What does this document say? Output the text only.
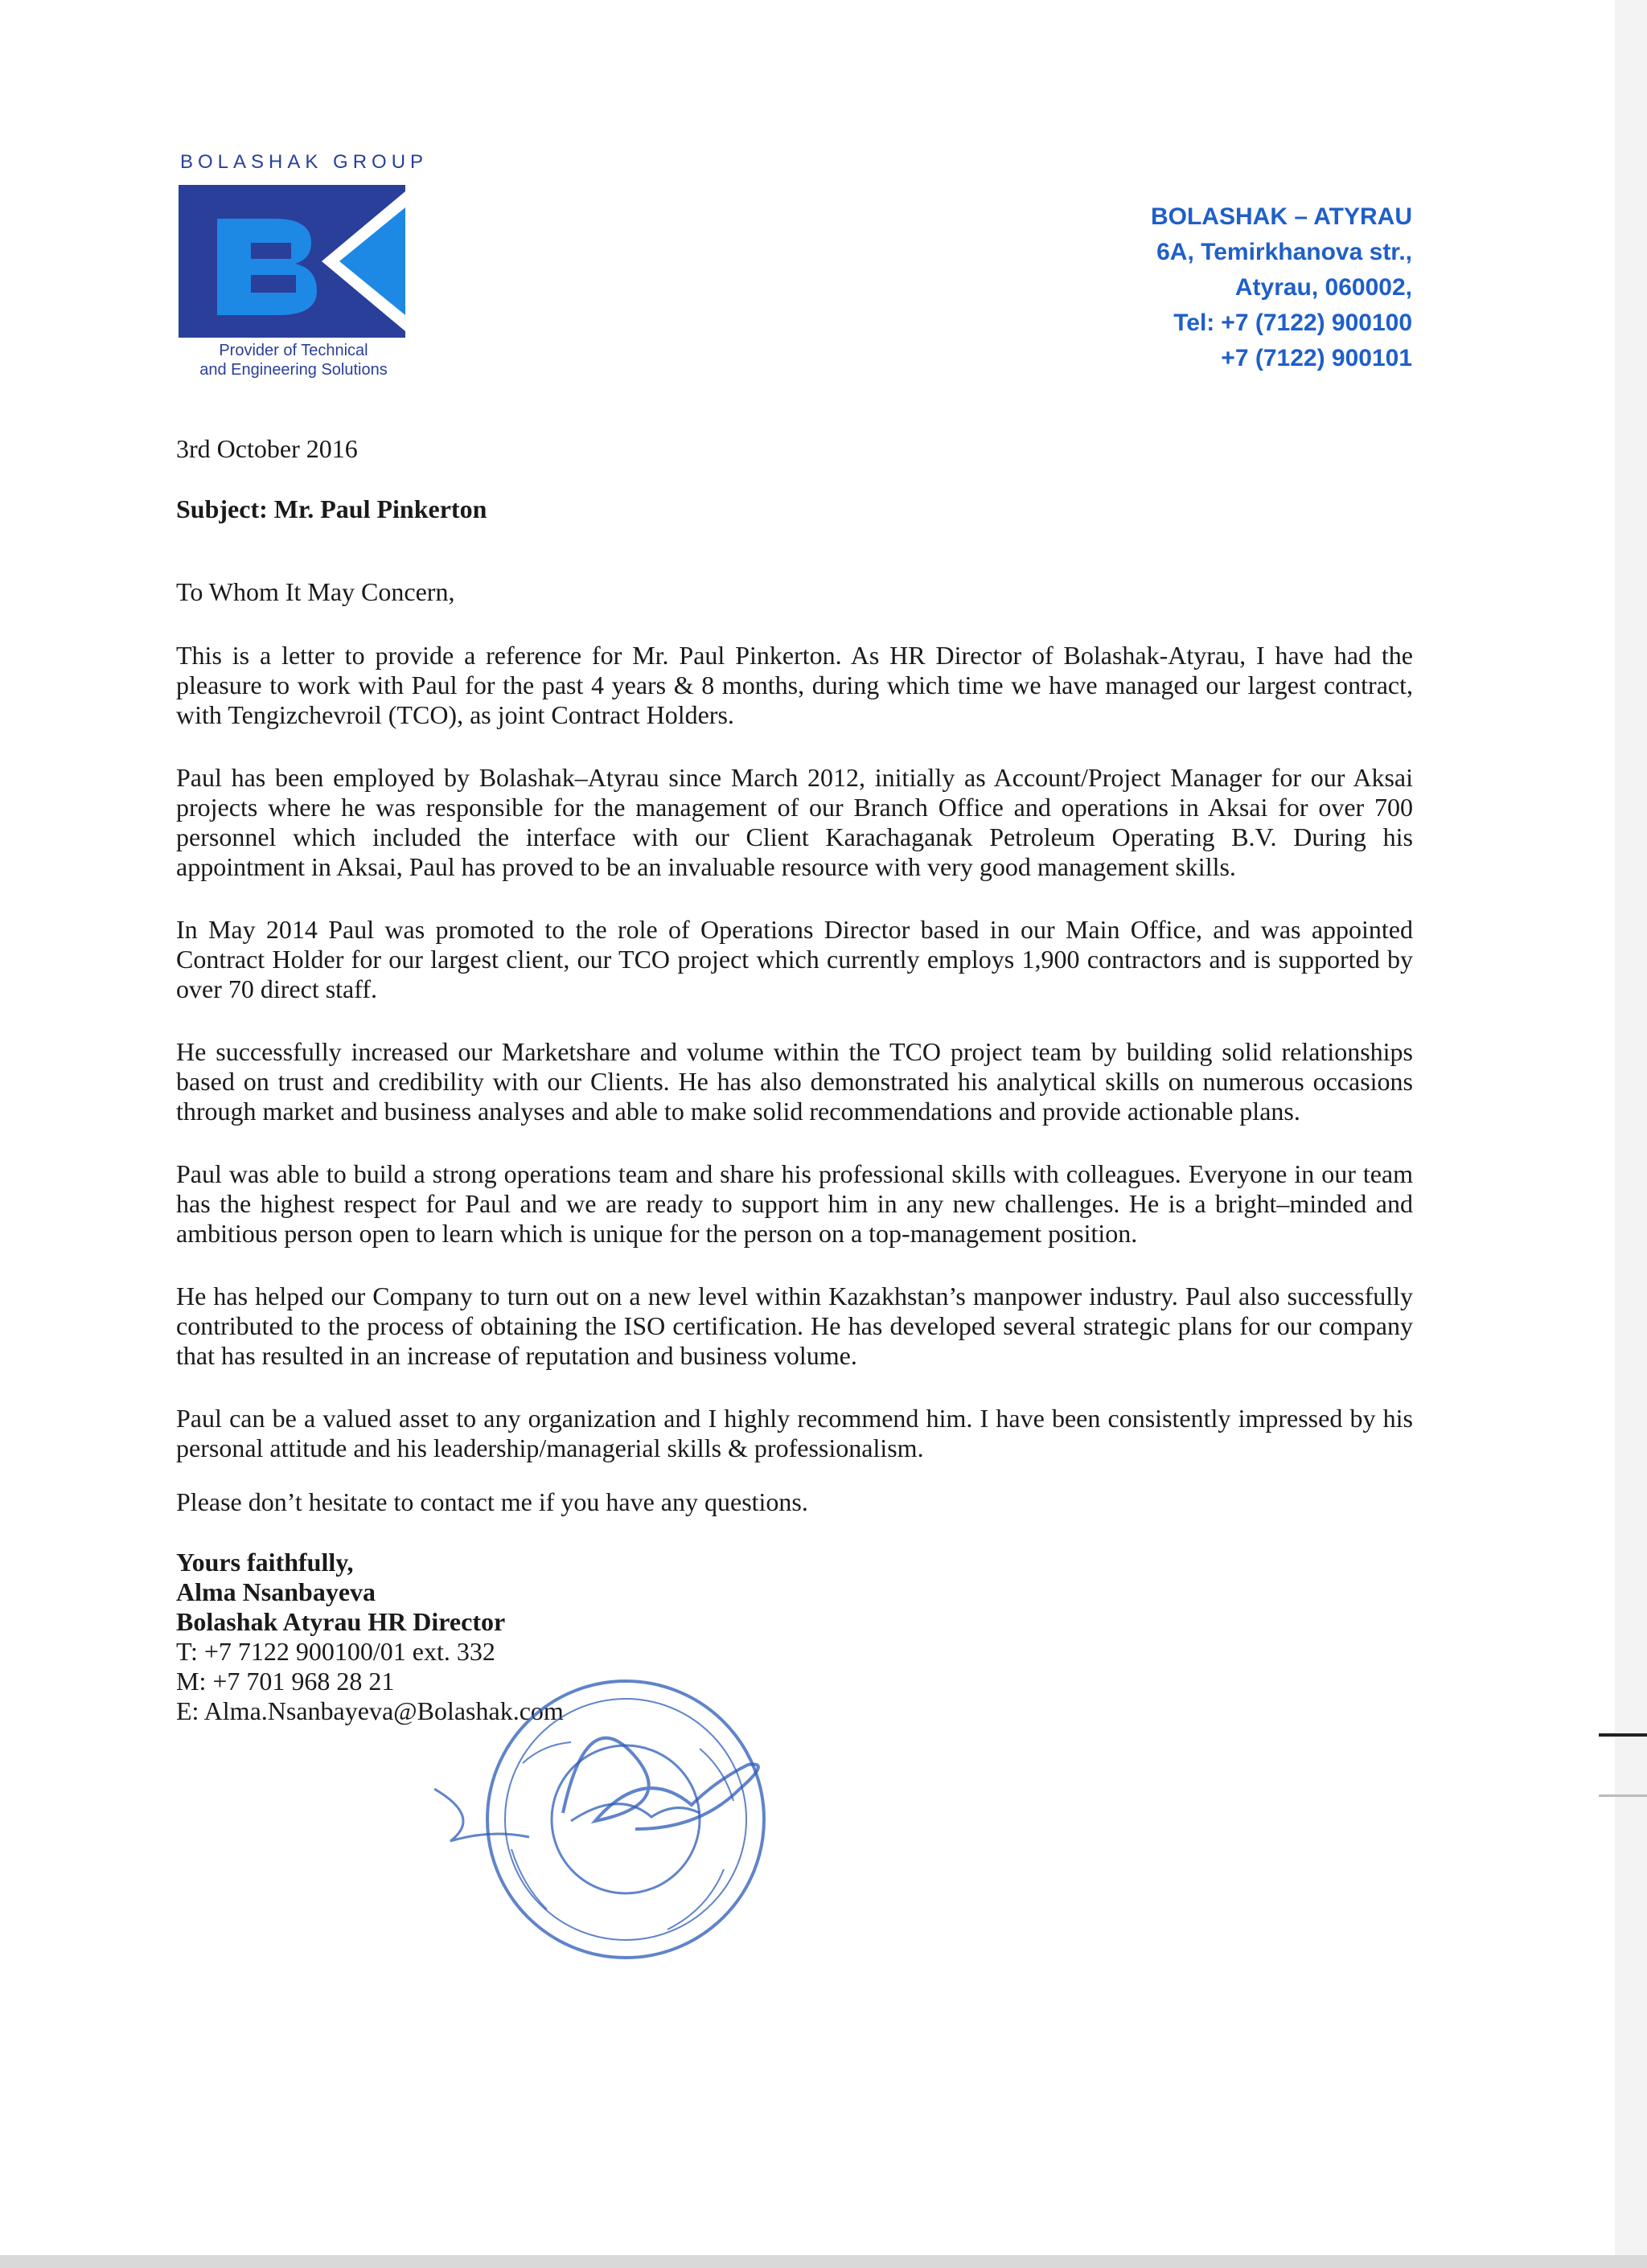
BOLASHAK GROUP
Provider of Technical
and Engineering Solutions
BOLASHAK – ATYRAU
6A, Temirkhanova str.,
Atyrau, 060002,
Tel: +7 (7122) 900100
+7 (7122) 900101
3rd October 2016
Subject: Mr. Paul Pinkerton
To Whom It May Concern,
This is a letter to provide a reference for Mr. Paul Pinkerton. As HR Director of Bolashak-Atyrau, I have had the pleasure to work with Paul for the past 4 years & 8 months, during which time we have managed our largest contract, with Tengizchevroil (TCO), as joint Contract Holders.
Paul has been employed by Bolashak–Atyrau since March 2012, initially as Account/Project Manager for our Aksai projects where he was responsible for the management of our Branch Office and operations in Aksai for over 700 personnel which included the interface with our Client Karachaganak Petroleum Operating B.V. During his appointment in Aksai, Paul has proved to be an invaluable resource with very good management skills.
In May 2014 Paul was promoted to the role of Operations Director based in our Main Office, and was appointed Contract Holder for our largest client, our TCO project which currently employs 1,900 contractors and is supported by over 70 direct staff.
He successfully increased our Marketshare and volume within the TCO project team by building solid relationships based on trust and credibility with our Clients. He has also demonstrated his analytical skills on numerous occasions through market and business analyses and able to make solid recommendations and provide actionable plans.
Paul was able to build a strong operations team and share his professional skills with colleagues. Everyone in our team has the highest respect for Paul and we are ready to support him in any new challenges. He is a bright–minded and ambitious person open to learn which is unique for the person on a top-management position.
He has helped our Company to turn out on a new level within Kazakhstan’s manpower industry. Paul also successfully contributed to the process of obtaining the ISO certification. He has developed several strategic plans for our company that has resulted in an increase of reputation and business volume.
Paul can be a valued asset to any organization and I highly recommend him. I have been consistently impressed by his personal attitude and his leadership/managerial skills & professionalism.
Please don’t hesitate to contact me if you have any questions.
Yours faithfully,
Alma Nsanbayeva
Bolashak Atyrau HR Director
T: +7 7122 900100/01 ext. 332
M: +7 701 968 28 21
E: Alma.Nsanbayeva@Bolashak.com
